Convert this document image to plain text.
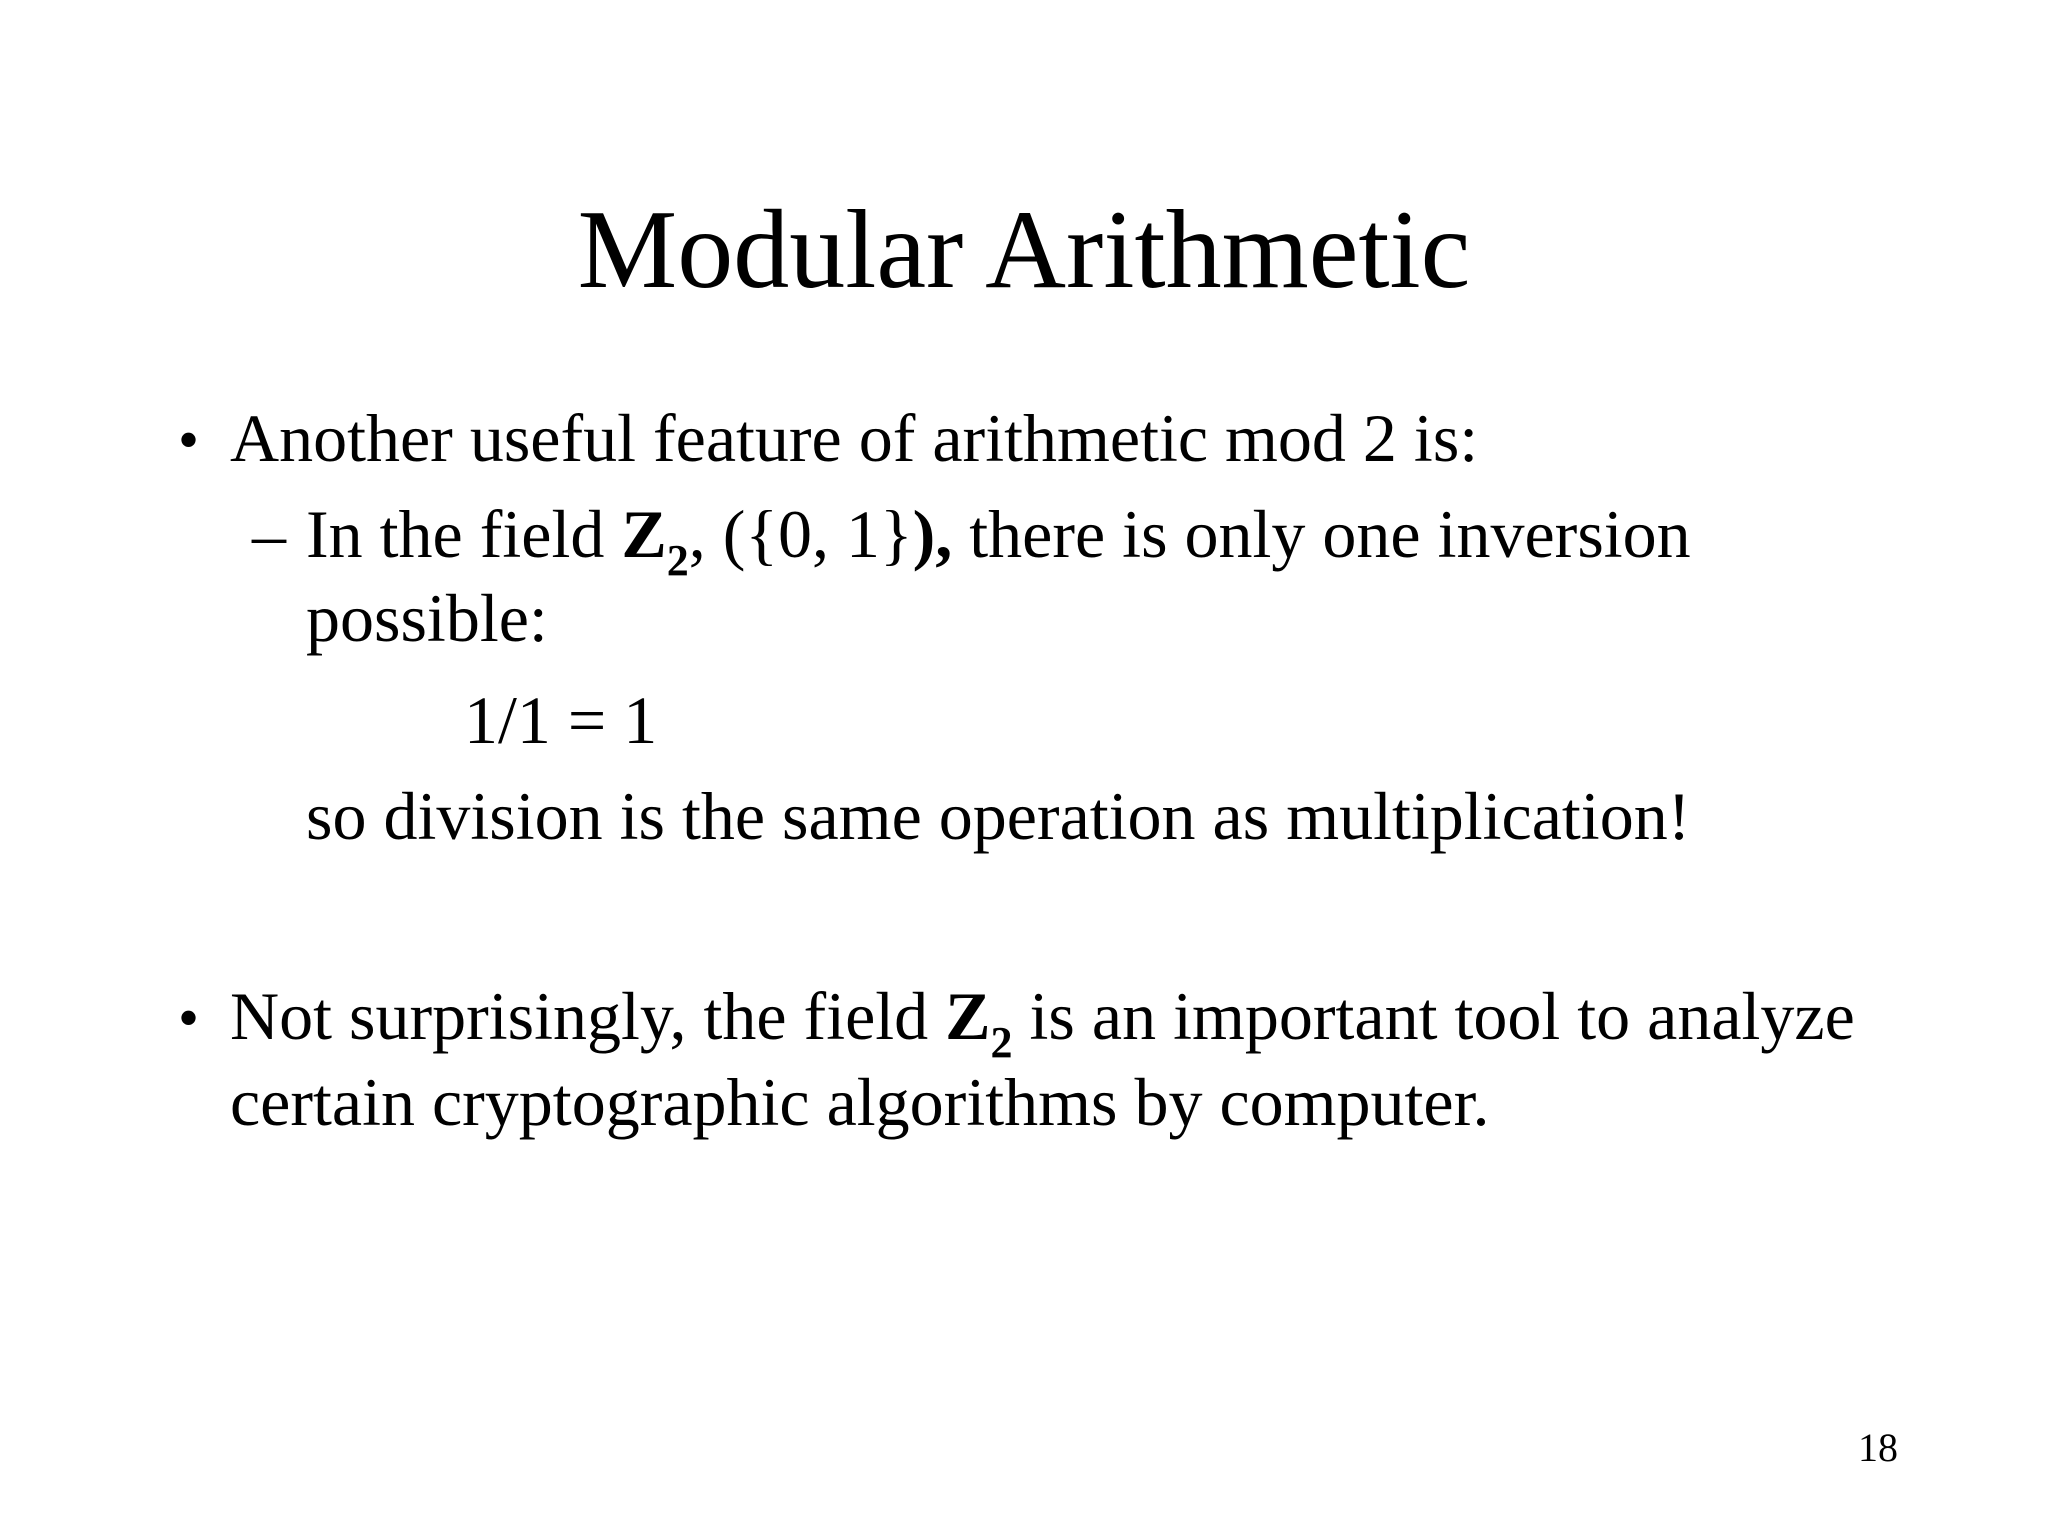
Modular Arithmetic
• Another useful feature of arithmetic mod 2 is:
– In the field $Z_2$, ({0, 1}), there is only one inversion
possible:
1/1 = 1
so division is the same operation as multiplication!
• Not surprisingly, the field $Z_2$ is an important tool to analyze
certain cryptographic algorithms by computer.
18
